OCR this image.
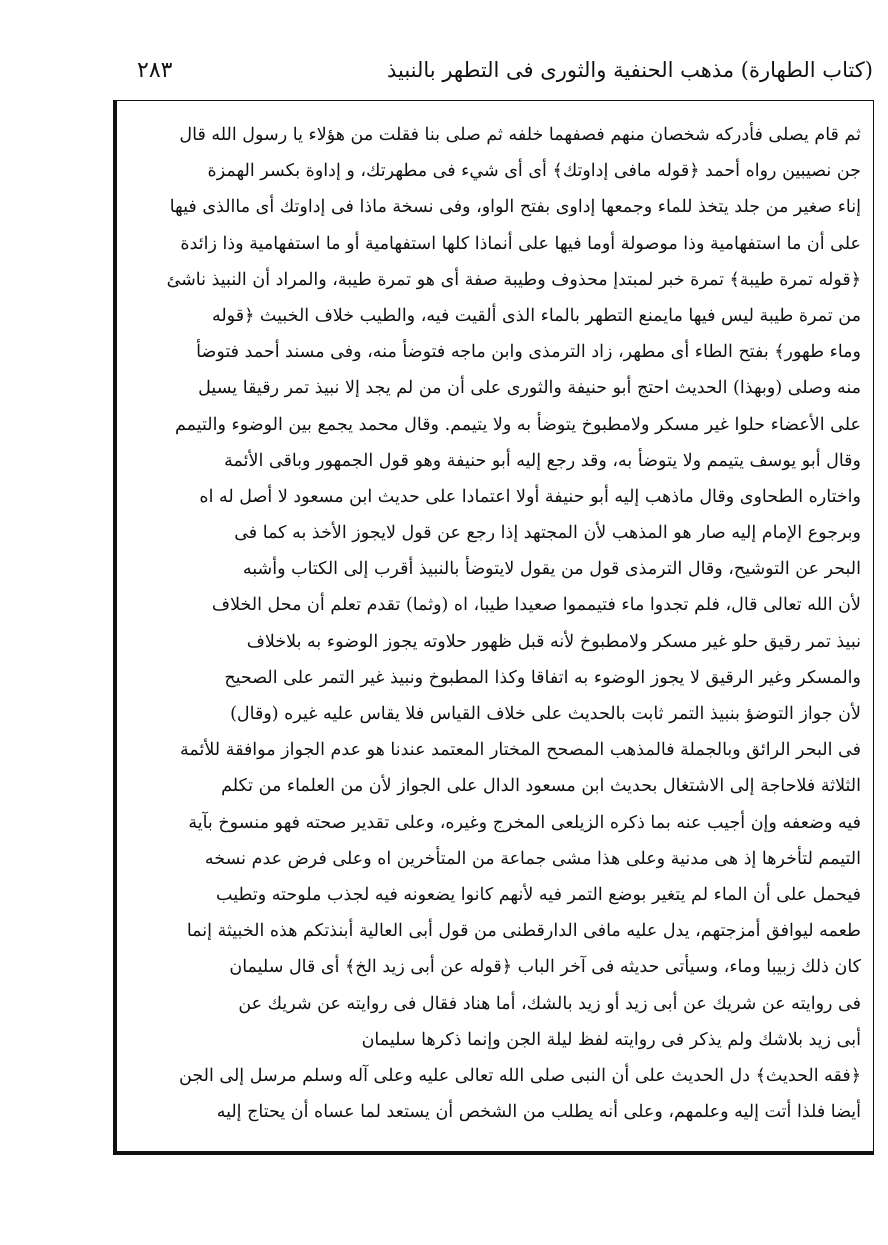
(كتاب الطهارة) مذهب الحنفية والثورى فى التطهر بالنبيذ
٢٨٣
ثم قام يصلى فأدركه شخصان منهم فصفهما خلفه ثم صلى بنا فقلت من هؤلاء يا رسول الله قال
جن نصيبين رواه أحمد ﴿قوله مافى إداوتك﴾ أى أى شيء فى مطهرتك، و إداوة بكسر الهمزة
إناء صغير من جلد يتخذ للماء وجمعها إداوى بفتح الواو، وفى نسخة ماذا فى إداوتك أى ماالذى فيها
على أن ما استفهامية وذا موصولة أوما فيها على أنماذا كلها استفهامية أو ما استفهامية وذا زائدة
﴿قوله تمرة طيبة﴾ تمرة خبر لمبتدإ محذوف وطيبة صفة أى هو تمرة طيبة، والمراد أن النبيذ ناشئ
من تمرة طيبة ليس فيها مايمنع التطهر بالماء الذى ألقيت فيه، والطيب خلاف الخبيث ﴿قوله
وماء طهور﴾ بفتح الطاء أى مطهر، زاد الترمذى وابن ماجه فتوضأ منه، وفى مسند أحمد فتوضأ
منه وصلى (وبهذا) الحديث احتج أبو حنيفة والثورى على أن من لم يجد إلا نبيذ تمر رقيقا يسيل
على الأعضاء حلوا غير مسكر ولامطبوخ يتوضأ به ولا يتيمم. وقال محمد يجمع بين الوضوء والتيمم
وقال أبو يوسف يتيمم ولا يتوضأ به، وقد رجع إليه أبو حنيفة وهو قول الجمهور وباقى الأئمة
واختاره الطحاوى وقال ماذهب إليه أبو حنيفة أولا اعتمادا على حديث ابن مسعود لا أصل له اه
وبرجوع الإمام إليه صار هو المذهب لأن المجتهد إذا رجع عن قول لايجوز الأخذ به كما فى
البحر عن التوشيح، وقال الترمذى قول من يقول لايتوضأ بالنبيذ أقرب إلى الكتاب وأشبه
لأن الله تعالى قال، فلم تجدوا ماء فتيمموا صعيدا طيبا، اه (وثما) تقدم تعلم أن محل الخلاف
نبيذ تمر رقيق حلو غير مسكر ولامطبوخ لأنه قبل ظهور حلاوته يجوز الوضوء به بلاخلاف
والمسكر وغير الرقيق لا يجوز الوضوء به اتفاقا وكذا المطبوخ ونبيذ غير التمر على الصحيح
لأن جواز التوضؤ بنبيذ التمر ثابت بالحديث على خلاف القياس فلا يقاس عليه غيره (وقال)
فى البحر الرائق وبالجملة فالمذهب المصحح المختار المعتمد عندنا هو عدم الجواز موافقة للأئمة
الثلاثة فلاحاجة إلى الاشتغال بحديث ابن مسعود الدال على الجواز لأن من العلماء من تكلم
فيه وضعفه وإن أجيب عنه بما ذكره الزيلعى المخرج وغيره، وعلى تقدير صحته فهو منسوخ بآية
التيمم لتأخرها إذ هى مدنية وعلى هذا مشى جماعة من المتأخرين اه وعلى فرض عدم نسخه
فيحمل على أن الماء لم يتغير بوضع التمر فيه لأنهم كانوا يضعونه فيه لجذب ملوحته وتطيب
طعمه ليوافق أمزجتهم، يدل عليه مافى الدارقطنى من قول أبى العالية أبنذتكم هذه الخبيثة إنما
كان ذلك زبيبا وماء، وسيأتى حديثه فى آخر الباب ﴿قوله عن أبى زيد الخ﴾ أى قال سليمان
فى روايته عن شريك عن أبى زيد أو زيد بالشك، أما هناد فقال فى روايته عن شريك عن
أبى زيد بلاشك ولم يذكر فى روايته لفظ ليلة الجن وإنما ذكرها سليمان
﴿فقه الحديث﴾ دل الحديث على أن النبى صلى الله تعالى عليه وعلى آله وسلم مرسل إلى الجن
أيضا فلذا أتت إليه وعلمهم، وعلى أنه يطلب من الشخص أن يستعد لما عساه أن يحتاج إليه
